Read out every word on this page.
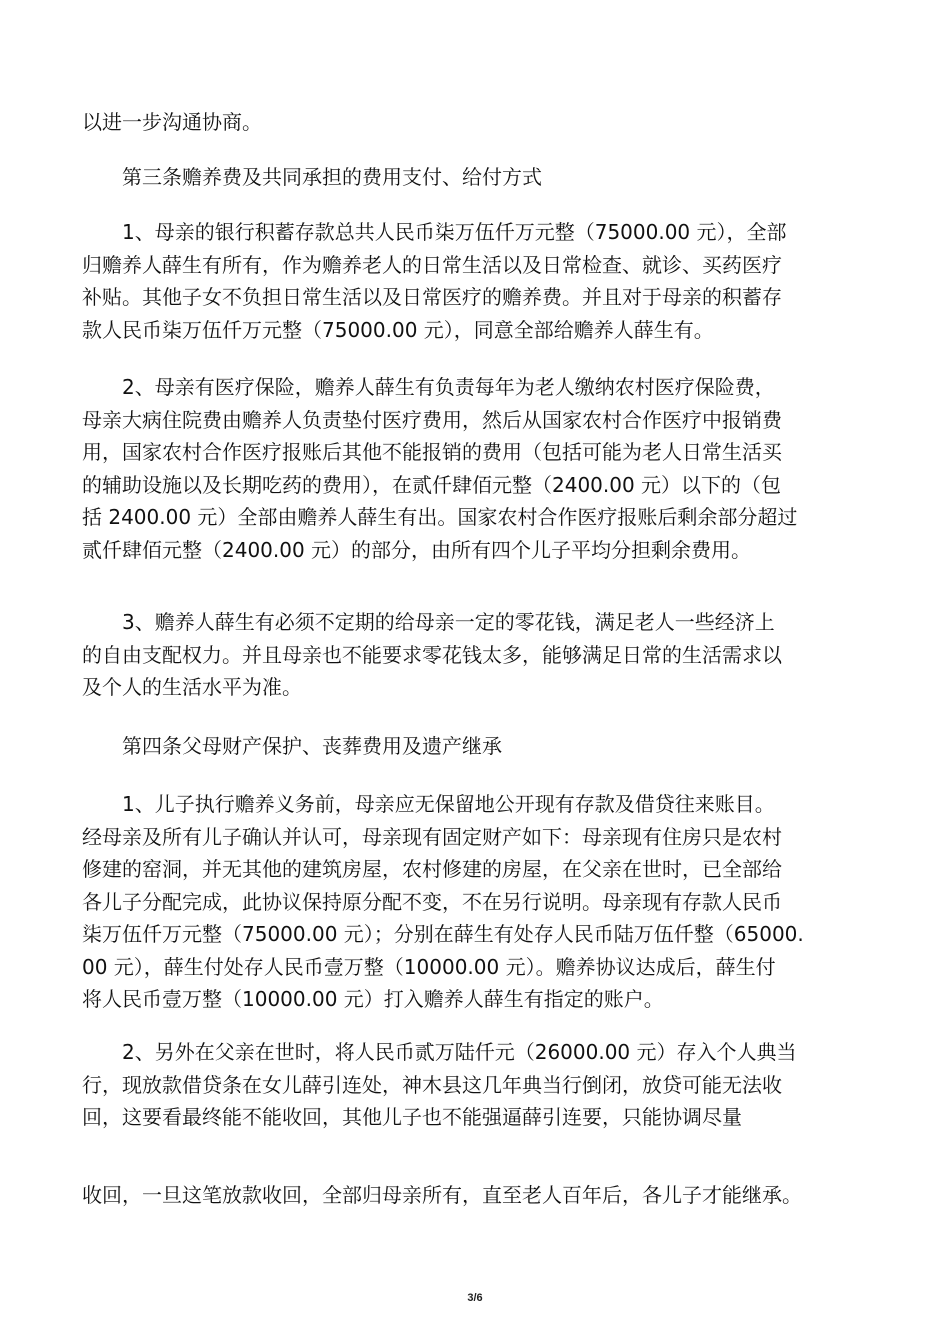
以进一步沟通协商。
第三条赡养费及共同承担的费用支付、给付方式
1、母亲的银行积蓄存款总共人民币柒万伍仟万元整（75000.00 元），全部
归赡养人薛生有所有，作为赡养老人的日常生活以及日常检查、就诊、买药医疗
补贴。其他子女不负担日常生活以及日常医疗的赡养费。并且对于母亲的积蓄存
款人民币柒万伍仟万元整（75000.00 元），同意全部给赡养人薛生有。
2、母亲有医疗保险，赡养人薛生有负责每年为老人缴纳农村医疗保险费，
母亲大病住院费由赡养人负责垫付医疗费用，然后从国家农村合作医疗中报销费
用，国家农村合作医疗报账后其他不能报销的费用（包括可能为老人日常生活买
的辅助设施以及长期吃药的费用），在贰仟肆佰元整（2400.00 元）以下的（包
括 2400.00 元）全部由赡养人薛生有出。国家农村合作医疗报账后剩余部分超过
贰仟肆佰元整（2400.00 元）的部分，由所有四个儿子平均分担剩余费用。
3、赡养人薛生有必须不定期的给母亲一定的零花钱，满足老人一些经济上
的自由支配权力。并且母亲也不能要求零花钱太多，能够满足日常的生活需求以
及个人的生活水平为准。
第四条父母财产保护、丧葬费用及遗产继承
1、儿子执行赡养义务前，母亲应无保留地公开现有存款及借贷往来账目。
经母亲及所有儿子确认并认可，母亲现有固定财产如下：母亲现有住房只是农村
修建的窑洞，并无其他的建筑房屋，农村修建的房屋，在父亲在世时，已全部给
各儿子分配完成，此协议保持原分配不变，不在另行说明。母亲现有存款人民币
柒万伍仟万元整（75000.00 元）；分别在薛生有处存人民币陆万伍仟整（65000.
00 元），薛生付处存人民币壹万整（10000.00 元）。赡养协议达成后，薛生付
将人民币壹万整（10000.00 元）打入赡养人薛生有指定的账户。
2、另外在父亲在世时，将人民币贰万陆仟元（26000.00 元）存入个人典当
行，现放款借贷条在女儿薛引连处，神木县这几年典当行倒闭，放贷可能无法收
回，这要看最终能不能收回，其他儿子也不能强逼薛引连要，只能协调尽量
收回，一旦这笔放款收回，全部归母亲所有，直至老人百年后，各儿子才能继承。
3/6
